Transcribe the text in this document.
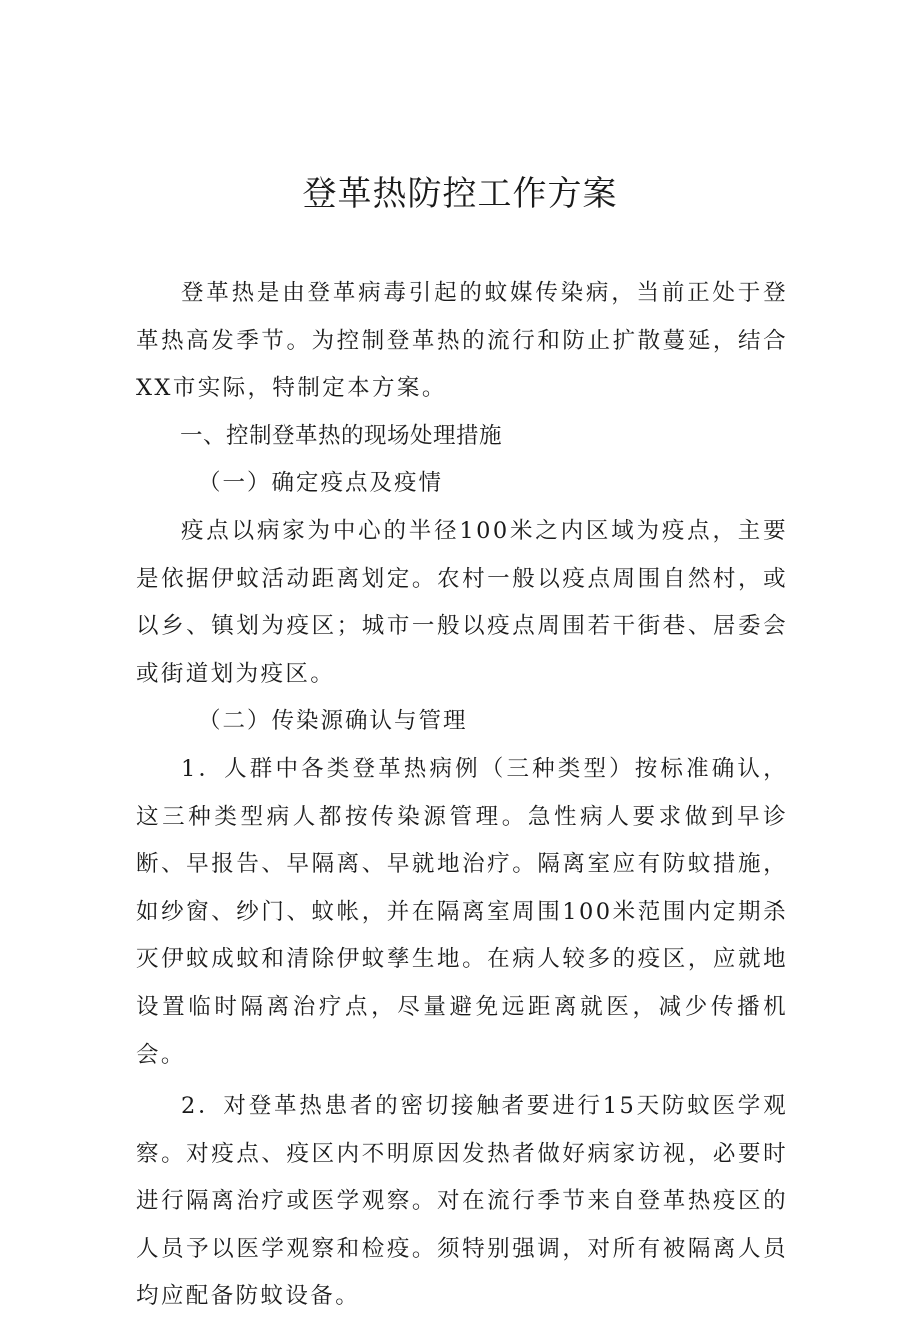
登革热防控工作方案

登革热是由登革病毒引起的蚊媒传染病，当前正处于登革热高发季节。为控制登革热的流行和防止扩散蔓延，结合XX市实际，特制定本方案。

一、控制登革热的现场处理措施

（一）确定疫点及疫情

疫点以病家为中心的半径100米之内区域为疫点，主要是依据伊蚊活动距离划定。农村一般以疫点周围自然村，或以乡、镇划为疫区；城市一般以疫点周围若干街巷、居委会或街道划为疫区。

（二）传染源确认与管理

1．人群中各类登革热病例（三种类型）按标准确认，这三种类型病人都按传染源管理。急性病人要求做到早诊断、早报告、早隔离、早就地治疗。隔离室应有防蚊措施，如纱窗、纱门、蚊帐，并在隔离室周围100米范围内定期杀灭伊蚊成蚊和清除伊蚊孳生地。在病人较多的疫区，应就地设置临时隔离治疗点，尽量避免远距离就医，减少传播机会。

2．对登革热患者的密切接触者要进行15天防蚊医学观察。对疫点、疫区内不明原因发热者做好病家访视，必要时进行隔离治疗或医学观察。对在流行季节来自登革热疫区的人员予以医学观察和检疫。须特别强调，对所有被隔离人员均应配备防蚊设备。
